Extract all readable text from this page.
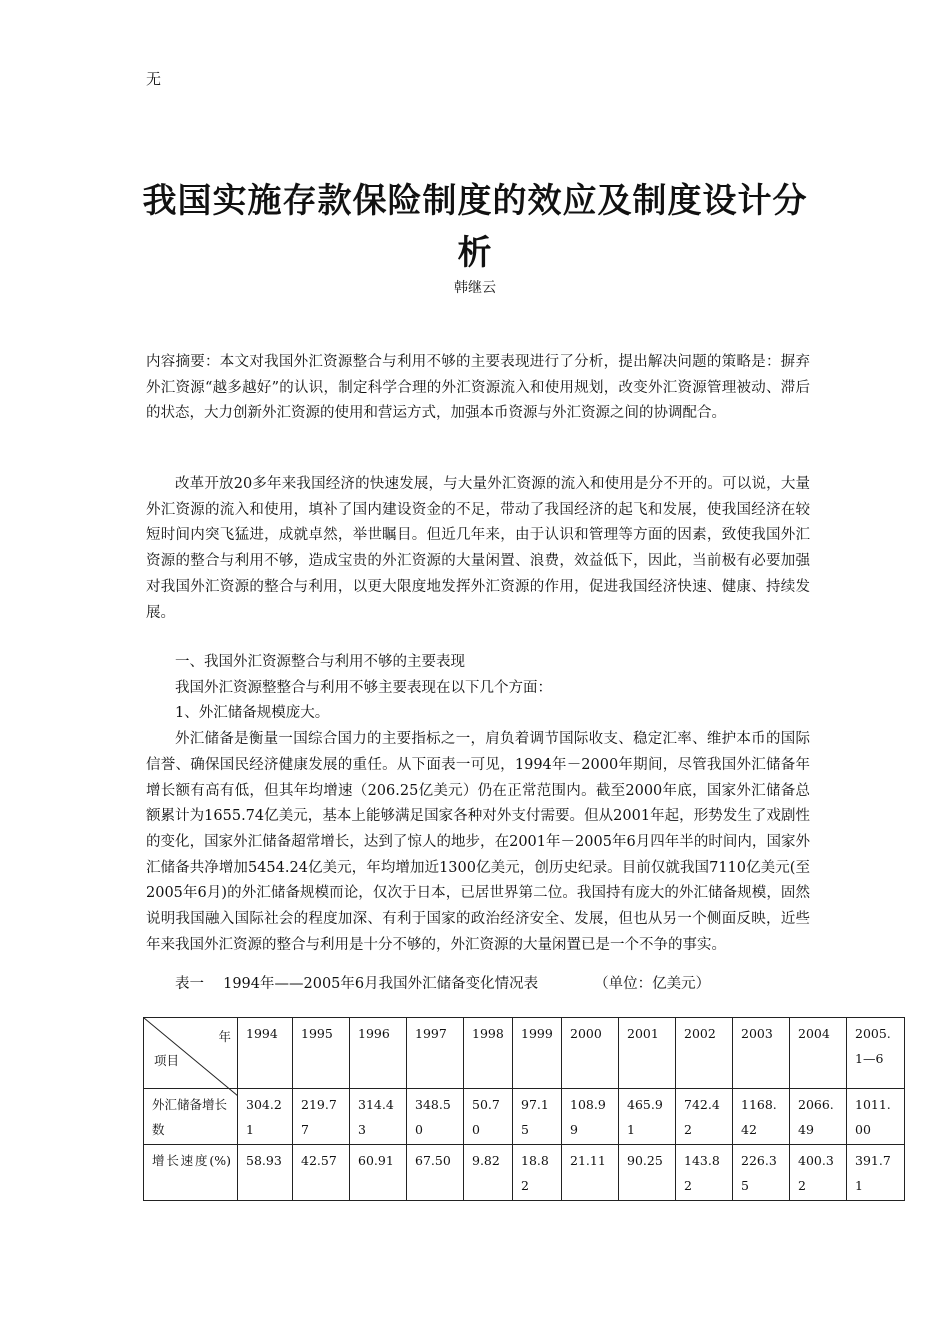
无
我国实施存款保险制度的效应及制度设计分析
韩继云

内容摘要：本文对我国外汇资源整合与利用不够的主要表现进行了分析，提出解决问题的策略是：摒弃外汇资源“越多越好”的认识，制定科学合理的外汇资源流入和使用规划，改变外汇资源管理被动、滞后的状态，大力创新外汇资源的使用和营运方式，加强本币资源与外汇资源之间的协调配合。

改革开放20多年来我国经济的快速发展，与大量外汇资源的流入和使用是分不开的。可以说，大量外汇资源的流入和使用，填补了国内建设资金的不足，带动了我国经济的起飞和发展，使我国经济在较短时间内突飞猛进，成就卓然，举世瞩目。但近几年来，由于认识和管理等方面的因素，致使我国外汇资源的整合与利用不够，造成宝贵的外汇资源的大量闲置、浪费，效益低下，因此，当前极有必要加强对我国外汇资源的整合与利用，以更大限度地发挥外汇资源的作用，促进我国经济快速、健康、持续发展。

一、我国外汇资源整合与利用不够的主要表现

我国外汇资源整整合与利用不够主要表现在以下几个方面：

1、外汇储备规模庞大。

外汇储备是衡量一国综合国力的主要指标之一，肩负着调节国际收支、稳定汇率、维护本币的国际信誉、确保国民经济健康发展的重任。从下面表一可见，1994年－2000年期间，尽管我国外汇储备年增长额有高有低，但其年均增速（206.25亿美元）仍在正常范围内。截至2000年底，国家外汇储备总额累计为1655.74亿美元，基本上能够满足国家各种对外支付需要。但从2001年起，形势发生了戏剧性的变化，国家外汇储备超常增长，达到了惊人的地步，在2001年－2005年6月四年半的时间内，国家外汇储备共净增加5454.24亿美元，年均增加近1300亿美元，创历史纪录。目前仅就我国7110亿美元(至2005年6月)的外汇储备规模而论，仅次于日本，已居世界第二位。我国持有庞大的外汇储备规模，固然说明我国融入国际社会的程度加深、有利于国家的政治经济安全、发展，但也从另一个侧面反映，近些年来我国外汇资源的整合与利用是十分不够的，外汇资源的大量闲置已是一个不争的事实。

表一　 1994年——2005年6月我国外汇储备变化情况表	（单位：亿美元）
年
项目	1994	1995	1996	1997	1998	1999	2000	2001	2002	2003	2004	2005.1—6
外汇储备增长数	304.21	219.77	314.43	348.50	50.70	97.15	108.99	465.91	742.42	1168.42	2066.49	1011.00
增长速度(%)	58.93	42.57	60.91	67.50	9.82	18.82	21.11	90.25	143.82	226.35	400.32	391.71
